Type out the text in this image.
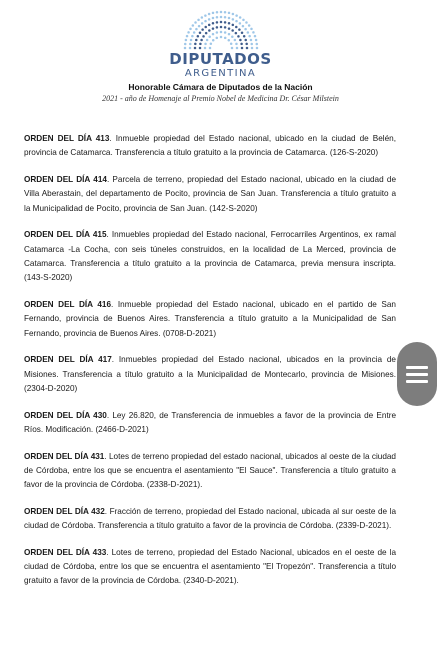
DIPUTADOS
ARGENTINA
Honorable Cámara de Diputados de la Nación
2021 - año de Homenaje al Premio Nobel de Medicina Dr. César Milstein

ORDEN DEL DÍA 413. Inmueble propiedad del Estado nacional, ubicado en la ciudad de Belén, provincia de Catamarca. Transferencia a título gratuito a la provincia de Catamarca. (126-S-2020)

ORDEN DEL DÍA 414. Parcela de terreno, propiedad del Estado nacional, ubicado en la ciudad de Villa Aberastain, del departamento de Pocito, provincia de San Juan. Transferencia a título gratuito a la Municipalidad de Pocito, provincia de San Juan. (142-S-2020)

ORDEN DEL DÍA 415. Inmuebles propiedad del Estado nacional, Ferrocarriles Argentinos, ex ramal Catamarca -La Cocha, con seis túneles construidos, en la localidad de La Merced, provincia de Catamarca. Transferencia a título gratuito a la provincia de Catamarca, previa mensura inscripta. (143-S-2020)

ORDEN DEL DÍA 416. Inmueble propiedad del Estado nacional, ubicado en el partido de San Fernando, provincia de Buenos Aires. Transferencia a título gratuito a la Municipalidad de San Fernando, provincia de Buenos Aires. (0708-D-2021)

ORDEN DEL DÍA 417. Inmuebles propiedad del Estado nacional, ubicados en la provincia de Misiones. Transferencia a título gratuito a la Municipalidad de Montecarlo, provincia de Misiones. (2304-D-2020)

ORDEN DEL DÍA 430. Ley 26.820, de Transferencia de inmuebles a favor de la provincia de Entre Ríos. Modificación. (2466-D-2021)

ORDEN DEL DÍA 431. Lotes de terreno propiedad del estado nacional, ubicados al oeste de la ciudad de Córdoba, entre los que se encuentra el asentamiento "El Sauce". Transferencia a título gratuito a favor de la provincia de Córdoba. (2338-D-2021).

ORDEN DEL DÍA 432. Fracción de terreno, propiedad del Estado nacional, ubicada al sur oeste de la ciudad de Córdoba. Transferencia a título gratuito a favor de la provincia de Córdoba. (2339-D-2021).

ORDEN DEL DÍA 433. Lotes de terreno, propiedad del Estado Nacional, ubicados en el oeste de la ciudad de Córdoba, entre los que se encuentra el asentamiento "El Tropezón". Transferencia a título gratuito a favor de la provincia de Córdoba. (2340-D-2021).
